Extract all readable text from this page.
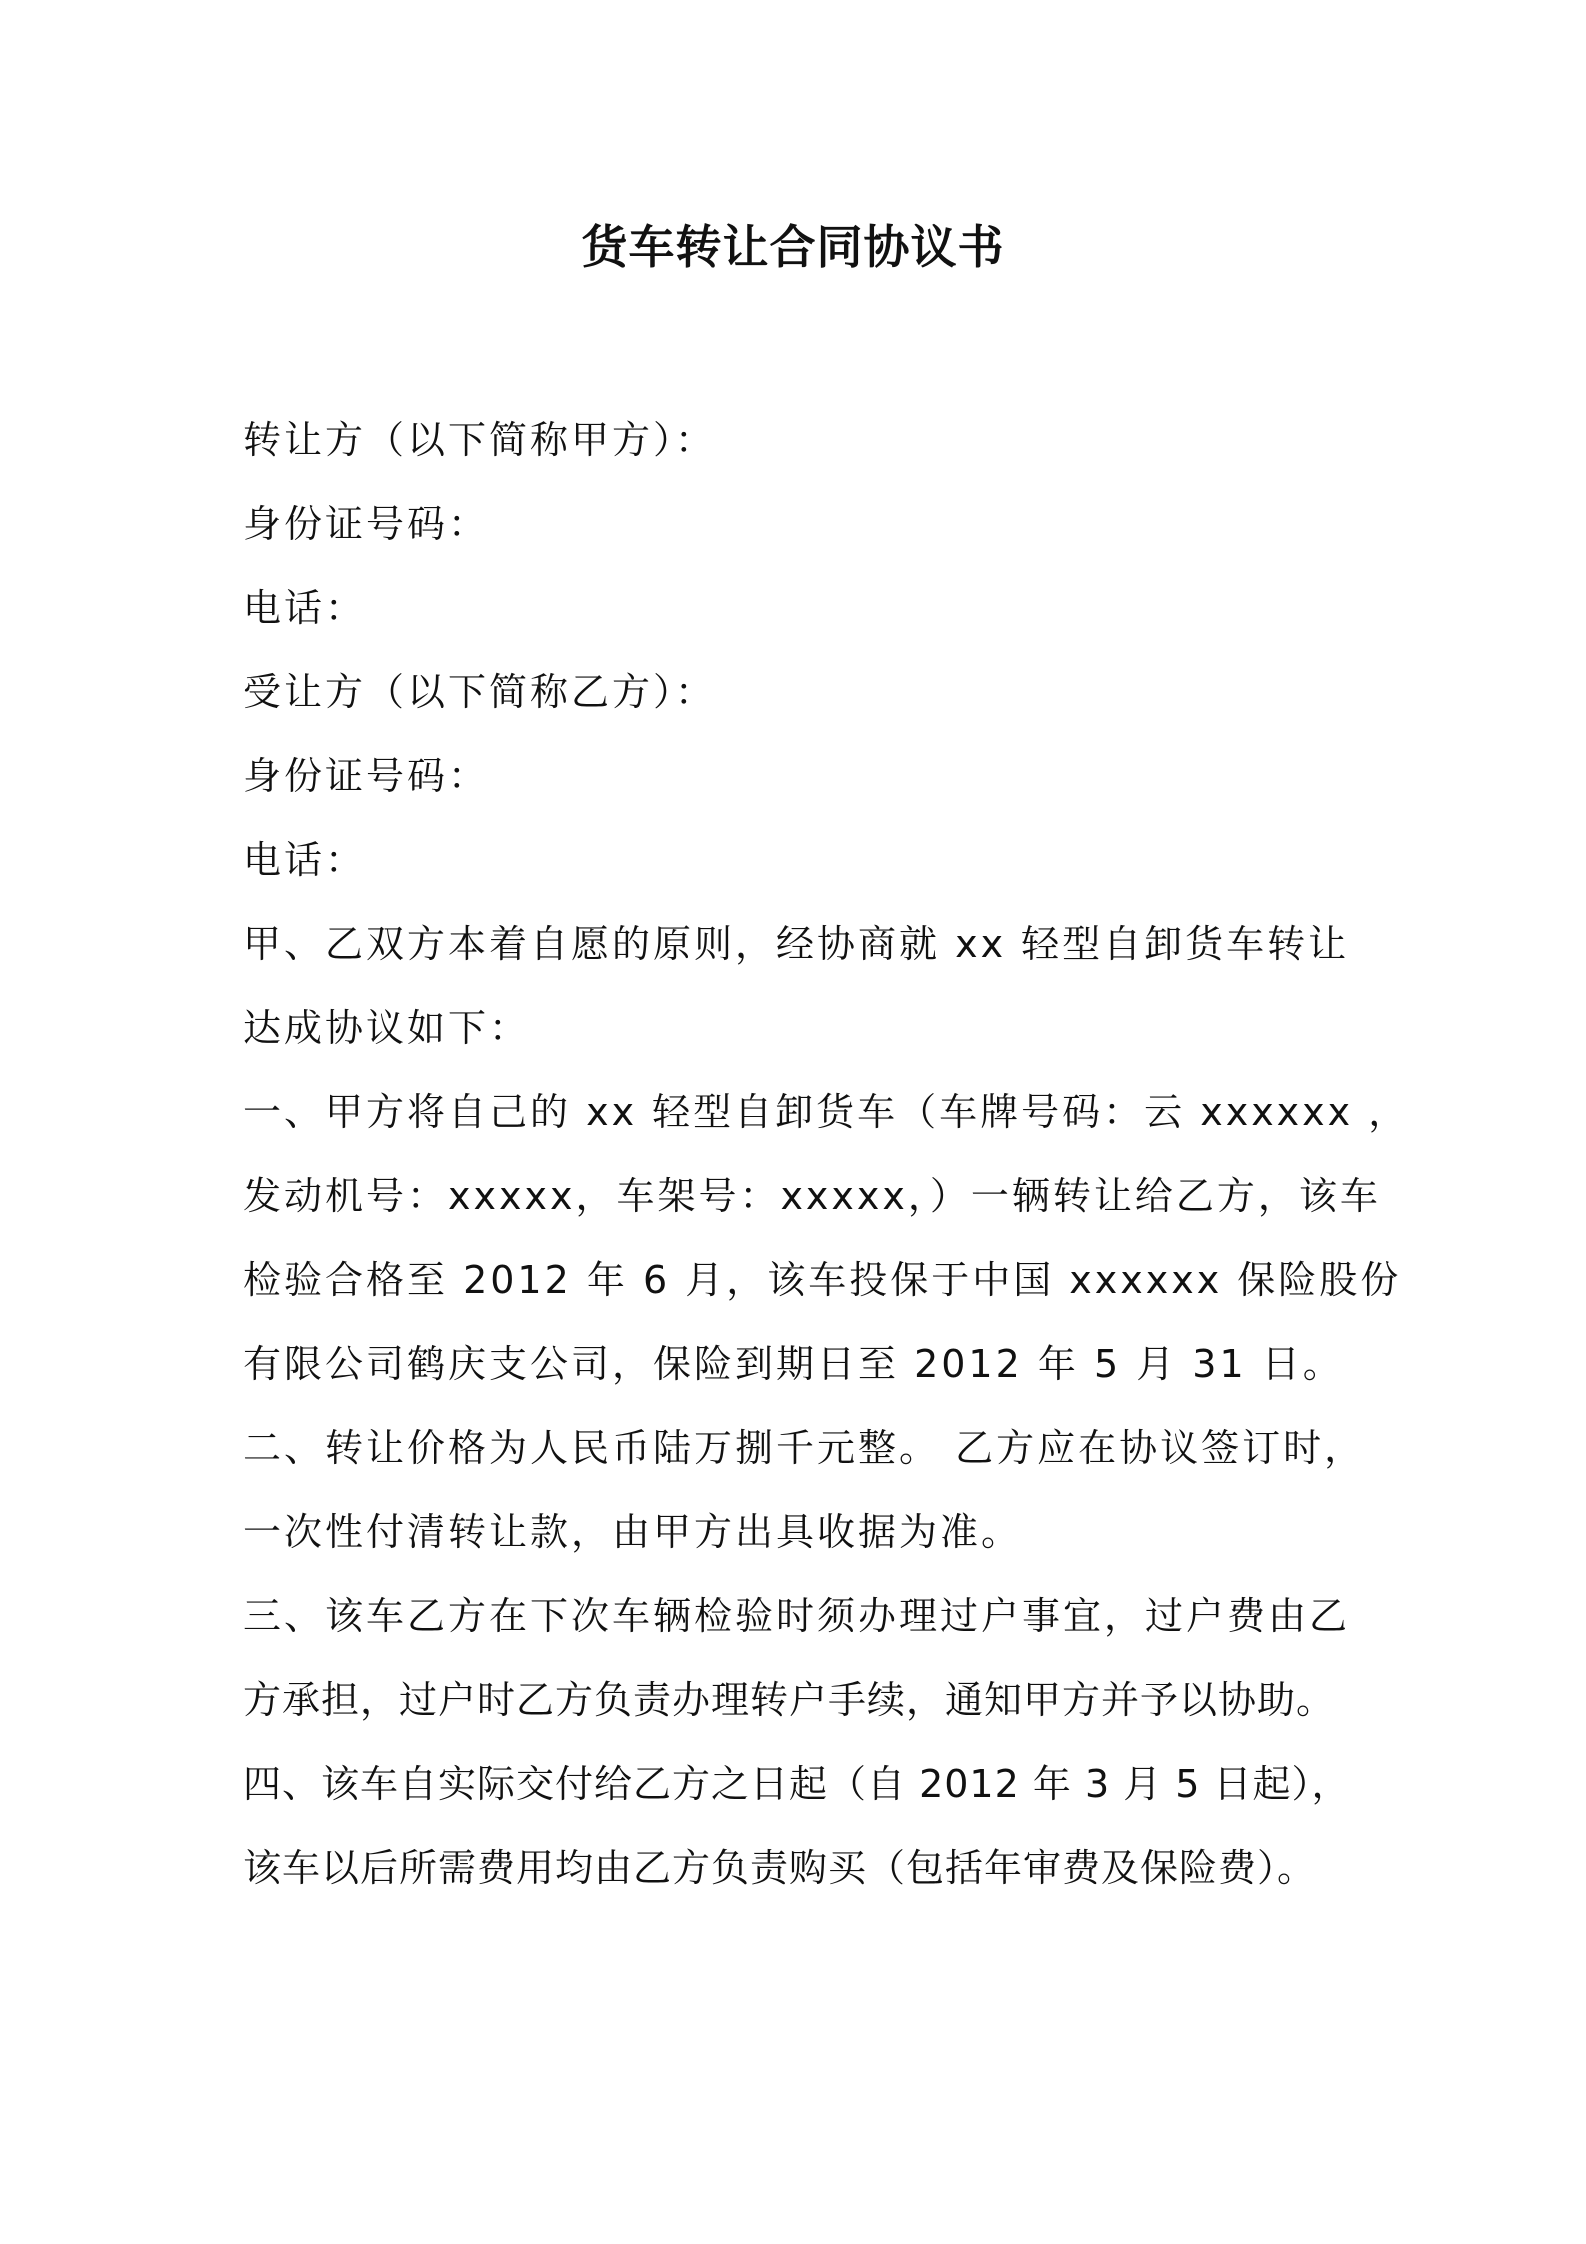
货车转让合同协议书
转让方（以下简称甲方）：
身份证号码：
电话：
受让方（以下简称乙方）：
身份证号码：
电话：
甲、乙双方本着自愿的原则，经协商就 xx 轻型自卸货车转让
达成协议如下：
一、甲方将自己的 xx 轻型自卸货车（车牌号码：云 xxxxxx ，
发动机号：xxxxx，车架号：xxxxx，）一辆转让给乙方，该车
检验合格至 2012 年 6 月，该车投保于中国 xxxxxx 保险股份
有限公司鹤庆支公司，保险到期日至 2012 年 5 月 31 日。
二、转让价格为人民币陆万捌千元整。 乙方应在协议签订时，
一次性付清转让款，由甲方出具收据为准。
三、该车乙方在下次车辆检验时须办理过户事宜，过户费由乙
方承担，过户时乙方负责办理转户手续，通知甲方并予以协助。
四、该车自实际交付给乙方之日起（自 2012 年 3 月 5 日起），
该车以后所需费用均由乙方负责购买（包括年审费及保险费）。
